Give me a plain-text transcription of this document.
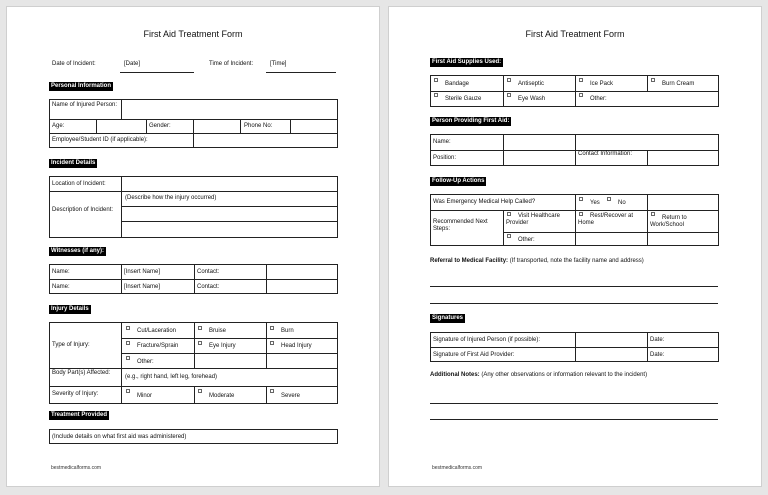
First Aid Treatment Form
Date of Incident:	[Date]	Time of Incident:	[Time]
Personal Information
Name of Injured Person:
Age:	Gender:	Phone No:
Employee/Student ID (if applicable):
Incident Details
Location of Incident:
Description of Incident:
(Describe how the injury occurred)
Witnesses (if any):
Name:	[Insert Name]	Contact:
Name:	[Insert Name]	Contact:
Injury Details
Type of Injury:
Cut/Laceration	Bruise	Burn
Fracture/Sprain	Eye Injury	Head Injury
Other:
Body Part(s) Affected:
(e.g., right hand, left leg, forehead)
Severity of Injury:	Minor	Moderate	Severe
Treatment Provided
(Include details on what first aid was administered)
bestmedicalforms.com
First Aid Treatment Form
First Aid Supplies Used:
Bandage	Antiseptic	Ice Pack	Burn Cream
Sterile Gauze	Eye Wash	Other:
Person Providing First Aid:
Name:
Position:
Contact Information:
Follow-Up Actions
Was Emergency Medical Help Called?	Yes	No
Recommended Next Steps:
Visit Healthcare Provider
Rest/Recover at Home
Return to Work/School
Other:
Referral to Medical Facility: (If transported, note the facility name and address)
Signatures
Signature of Injured Person (if possible):	Date:
Signature of First Aid Provider:	Date:
Additional Notes: (Any other observations or information relevant to the incident)
bestmedicalforms.com
